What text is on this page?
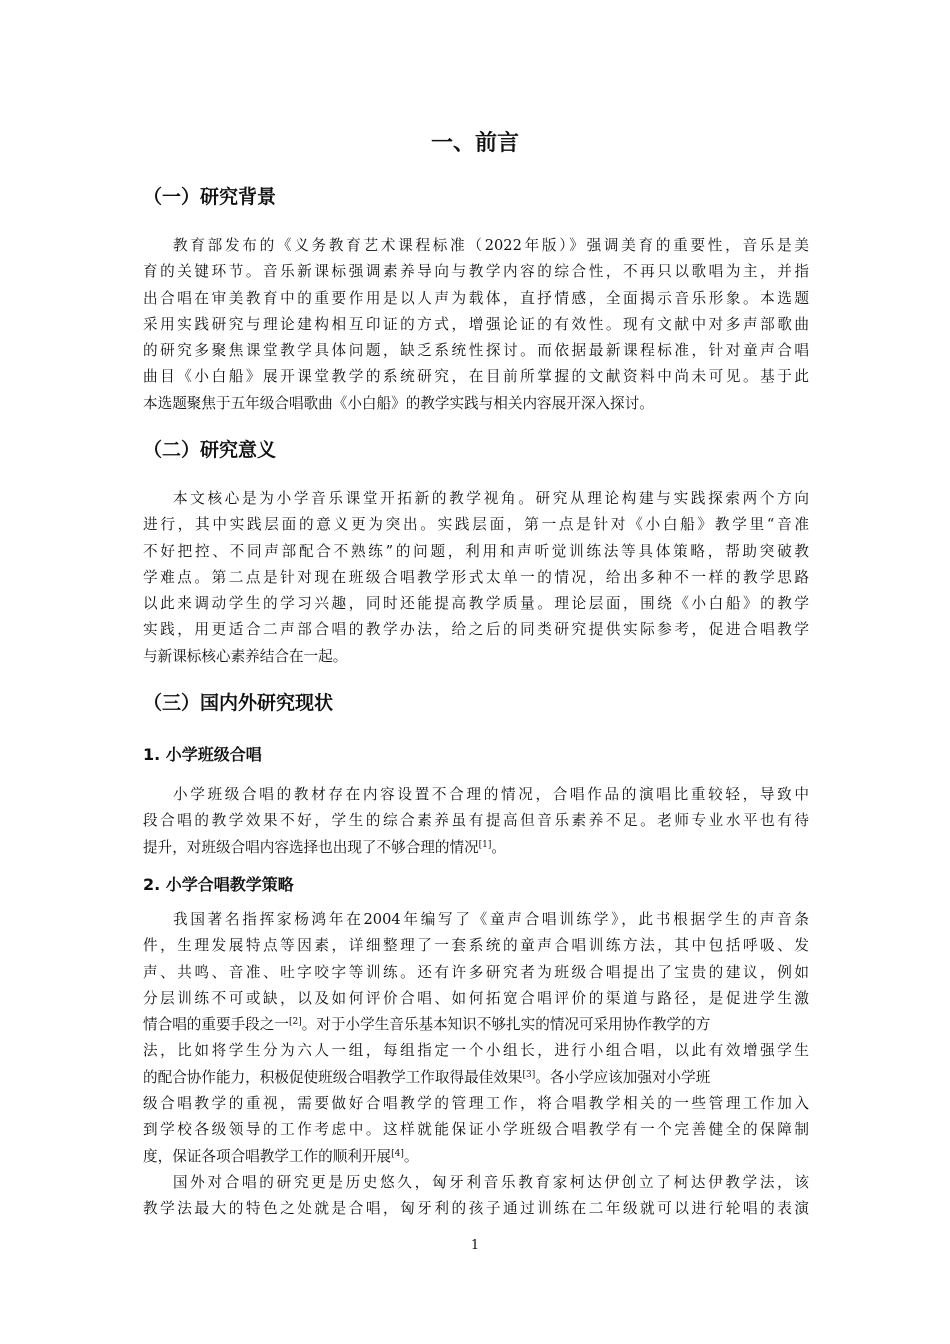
一、前言
（一）研究背景
教育部发布的《义务教育艺术课程标准（2022年版）》强调美育的重要性，音乐是美
育的关键环节。音乐新课标强调素养导向与教学内容的综合性，不再只以歌唱为主，并指
出合唱在审美教育中的重要作用是以人声为载体，直抒情感，全面揭示音乐形象。本选题
采用实践研究与理论建构相互印证的方式，增强论证的有效性。现有文献中对多声部歌曲
的研究多聚焦课堂教学具体问题，缺乏系统性探讨。而依据最新课程标准，针对童声合唱
曲目《小白船》展开课堂教学的系统研究，在目前所掌握的文献资料中尚未可见。基于此
本选题聚焦于五年级合唱歌曲《小白船》的教学实践与相关内容展开深入探讨。
（二）研究意义
本文核心是为小学音乐课堂开拓新的教学视角。研究从理论构建与实践探索两个方向
进行，其中实践层面的意义更为突出。实践层面，第一点是针对《小白船》教学里“音准
不好把控、不同声部配合不熟练”的问题，利用和声听觉训练法等具体策略，帮助突破教
学难点。第二点是针对现在班级合唱教学形式太单一的情况，给出多种不一样的教学思路
以此来调动学生的学习兴趣，同时还能提高教学质量。理论层面，围绕《小白船》的教学
实践，用更适合二声部合唱的教学办法，给之后的同类研究提供实际参考，促进合唱教学
与新课标核心素养结合在一起。
（三）国内外研究现状
1. 小学班级合唱
小学班级合唱的教材存在内容设置不合理的情况，合唱作品的演唱比重较轻，导致中
段合唱的教学效果不好，学生的综合素养虽有提高但音乐素养不足。老师专业水平也有待
提升，对班级合唱内容选择也出现了不够合理的情况[1]。
2. 小学合唱教学策略
我国著名指挥家杨鸿年在2004年编写了《童声合唱训练学》，此书根据学生的声音条
件，生理发展特点等因素，详细整理了一套系统的童声合唱训练方法，其中包括呼吸、发
声、共鸣、音准、吐字咬字等训练。还有许多研究者为班级合唱提出了宝贵的建议，例如
分层训练不可或缺，以及如何评价合唱、如何拓宽合唱评价的渠道与路径，是促进学生激
情合唱的重要手段之一[2]。对于小学生音乐基本知识不够扎实的情况可采用协作教学的方
法，比如将学生分为六人一组，每组指定一个小组长，进行小组合唱，以此有效增强学生
的配合协作能力，积极促使班级合唱教学工作取得最佳效果[3]。各小学应该加强对小学班
级合唱教学的重视，需要做好合唱教学的管理工作，将合唱教学相关的一些管理工作加入
到学校各级领导的工作考虑中。这样就能保证小学班级合唱教学有一个完善健全的保障制
度，保证各项合唱教学工作的顺利开展[4]。
国外对合唱的研究更是历史悠久，匈牙利音乐教育家柯达伊创立了柯达伊教学法，该
教学法最大的特色之处就是合唱，匈牙利的孩子通过训练在二年级就可以进行轮唱的表演
1
